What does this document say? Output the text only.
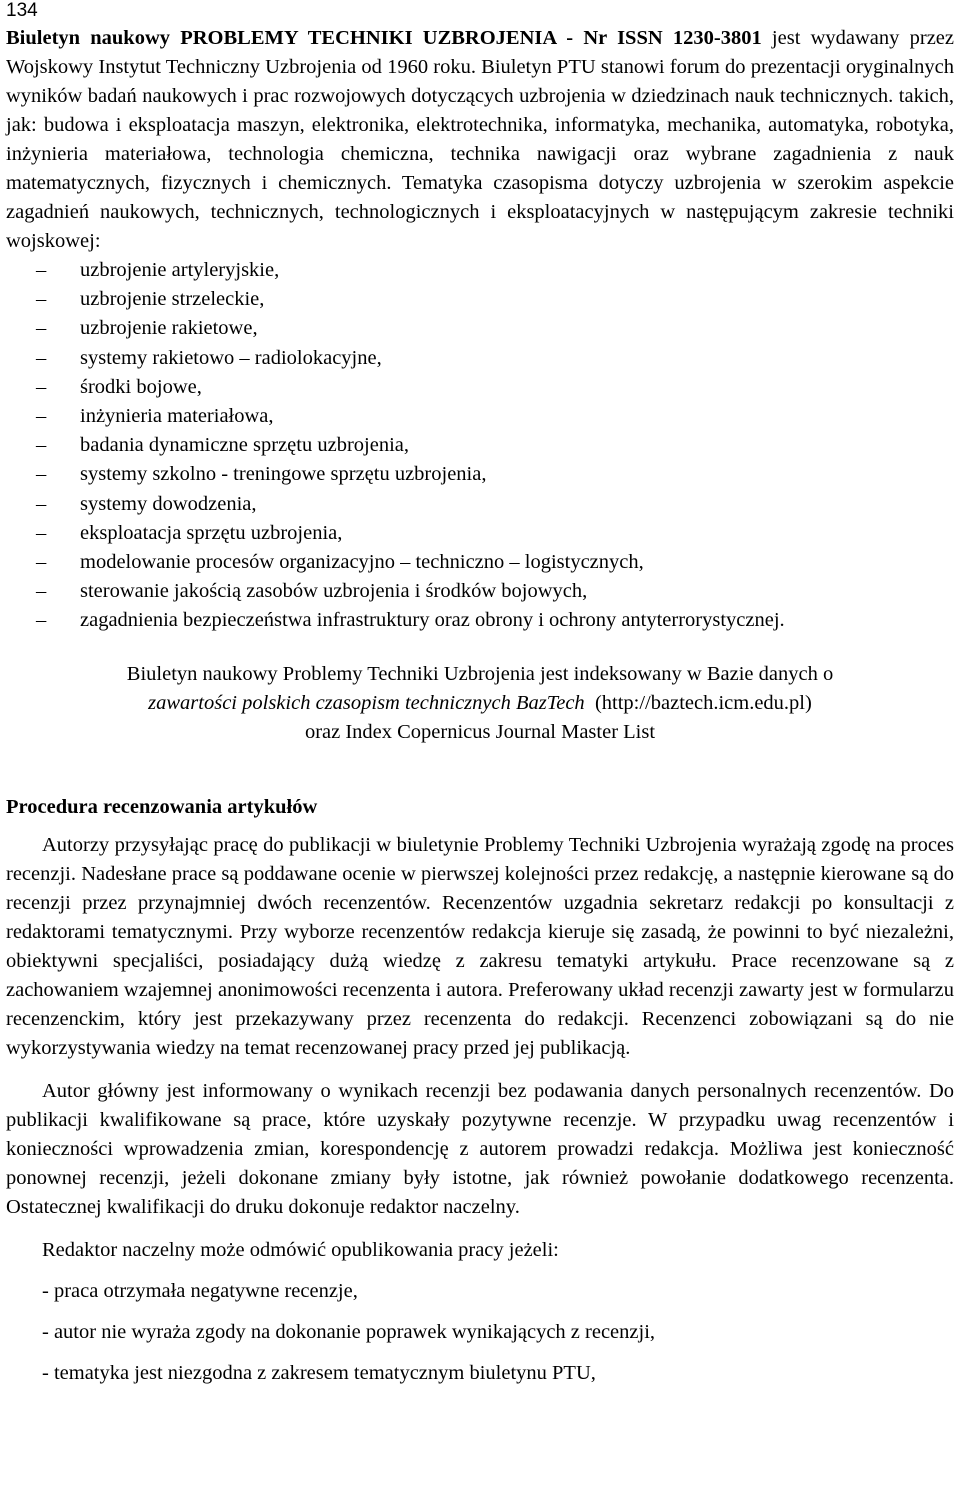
134

Biuletyn naukowy PROBLEMY TECHNIKI UZBROJENIA - Nr ISSN 1230-3801 jest wydawany przez Wojskowy Instytut Techniczny Uzbrojenia od 1960 roku. Biuletyn PTU stanowi forum do prezentacji oryginalnych wyników badań naukowych i prac rozwojowych dotyczących uzbrojenia w dziedzinach nauk technicznych. takich, jak: budowa i eksploatacja maszyn, elektronika, elektrotechnika, informatyka, mechanika, automatyka, robotyka, inżynieria materiałowa, technologia chemiczna, technika nawigacji oraz wybrane zagadnienia z nauk matematycznych, fizycznych i chemicznych. Tematyka czasopisma dotyczy uzbrojenia w szerokim aspekcie zagadnień naukowych, technicznych, technologicznych i eksploatacyjnych w następującym zakresie techniki wojskowej:

– uzbrojenie artyleryjskie,
– uzbrojenie strzeleckie,
– uzbrojenie rakietowe,
– systemy rakietowo – radiolokacyjne,
– środki bojowe,
– inżynieria materiałowa,
– badania dynamiczne sprzętu uzbrojenia,
– systemy szkolno - treningowe sprzętu uzbrojenia,
– systemy dowodzenia,
– eksploatacja sprzętu uzbrojenia,
– modelowanie procesów organizacyjno – techniczno – logistycznych,
– sterowanie jakością zasobów uzbrojenia i środków bojowych,
– zagadnienia bezpieczeństwa infrastruktury oraz obrony i ochrony antyterrorystycznej.
Biuletyn naukowy Problemy Techniki Uzbrojenia jest indeksowany w Bazie danych o
zawartości polskich czasopism technicznych BazTech  (http://baztech.icm.edu.pl)
oraz Index Copernicus Journal Master List
Procedura recenzowania artykułów

Autorzy przysyłając pracę do publikacji w biuletynie Problemy Techniki Uzbrojenia wyrażają zgodę na proces recenzji. Nadesłane prace są poddawane ocenie w pierwszej kolejności przez redakcję, a następnie kierowane są do recenzji przez przynajmniej dwóch recenzentów. Recenzentów uzgadnia sekretarz redakcji po konsultacji z redaktorami tematycznymi. Przy wyborze recenzentów redakcja kieruje się zasadą, że powinni to być niezależni, obiektywni specjaliści, posiadający dużą wiedzę z zakresu tematyki artykułu. Prace recenzowane są z zachowaniem wzajemnej anonimowości recenzenta i autora. Preferowany układ recenzji zawarty jest w formularzu recenzenckim, który jest przekazywany przez recenzenta do redakcji. Recenzenci zobowiązani są do nie wykorzystywania wiedzy na temat recenzowanej pracy przed jej publikacją.

Autor główny jest informowany o wynikach recenzji bez podawania danych personalnych recenzentów. Do publikacji kwalifikowane są prace, które uzyskały pozytywne recenzje. W przypadku uwag recenzentów i konieczności wprowadzenia zmian, korespondencję z autorem prowadzi redakcja. Możliwa jest konieczność ponownej recenzji, jeżeli dokonane zmiany były istotne, jak również powołanie dodatkowego recenzenta. Ostatecznej kwalifikacji do druku dokonuje redaktor naczelny.

Redaktor naczelny może odmówić opublikowania pracy jeżeli:

- praca otrzymała negatywne recenzje,
- autor nie wyraża zgody na dokonanie poprawek wynikających z recenzji,
- tematyka jest niezgodna z zakresem tematycznym biuletynu PTU,
